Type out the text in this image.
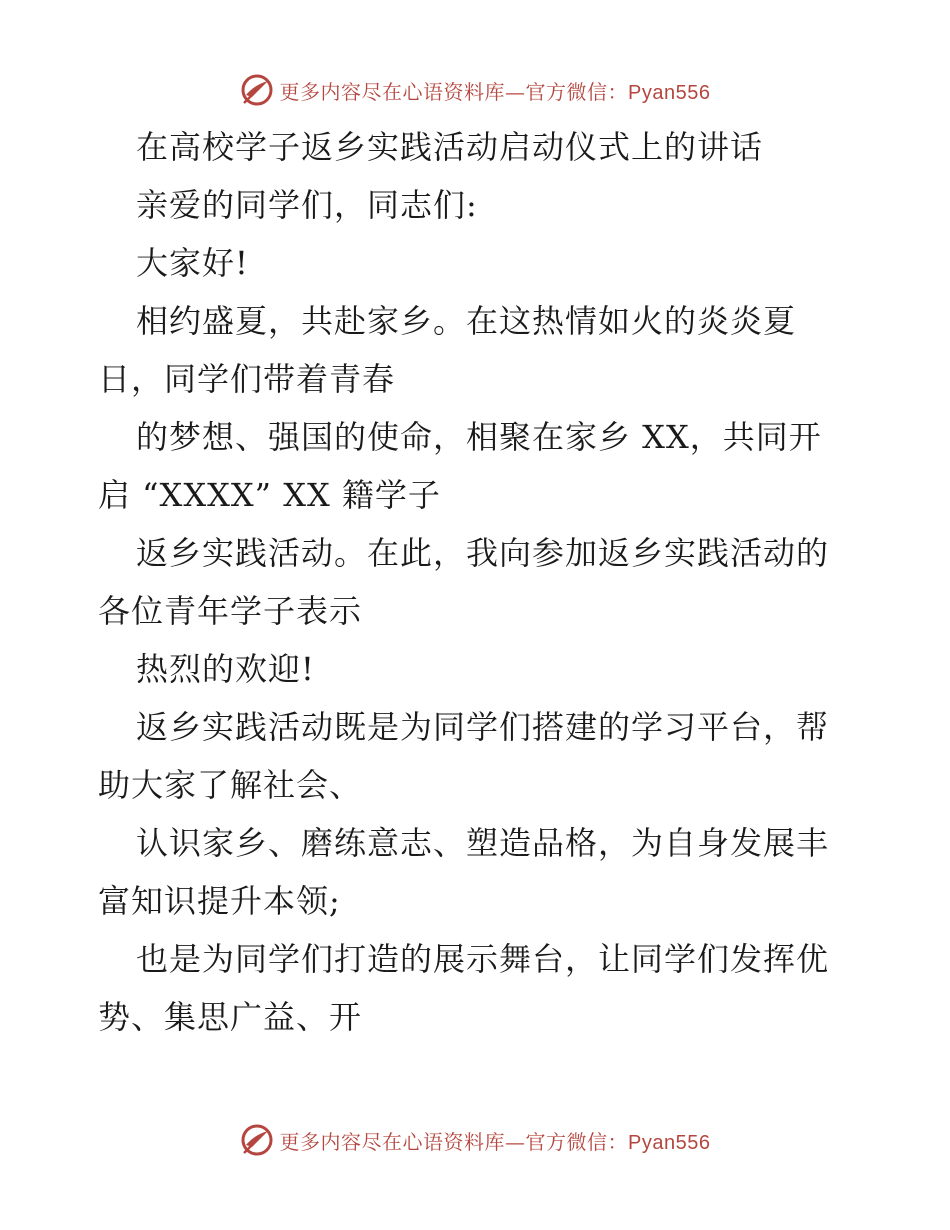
更多内容尽在心语资料库—官方微信：Pyan556
在高校学子返乡实践活动启动仪式上的讲话
亲爱的同学们，同志们:
大家好!
相约盛夏，共赴家乡。在这热情如火的炎炎夏
日，同学们带着青春
的梦想、强国的使命，相聚在家乡 XX，共同开
启 “XXXX” XX 籍学子
返乡实践活动。在此，我向参加返乡实践活动的
各位青年学子表示
热烈的欢迎!
返乡实践活动既是为同学们搭建的学习平台，帮
助大家了解社会、
认识家乡、磨练意志、塑造品格，为自身发展丰
富知识提升本领;
也是为同学们打造的展示舞台，让同学们发挥优
势、集思广益、开
更多内容尽在心语资料库—官方微信：Pyan556
